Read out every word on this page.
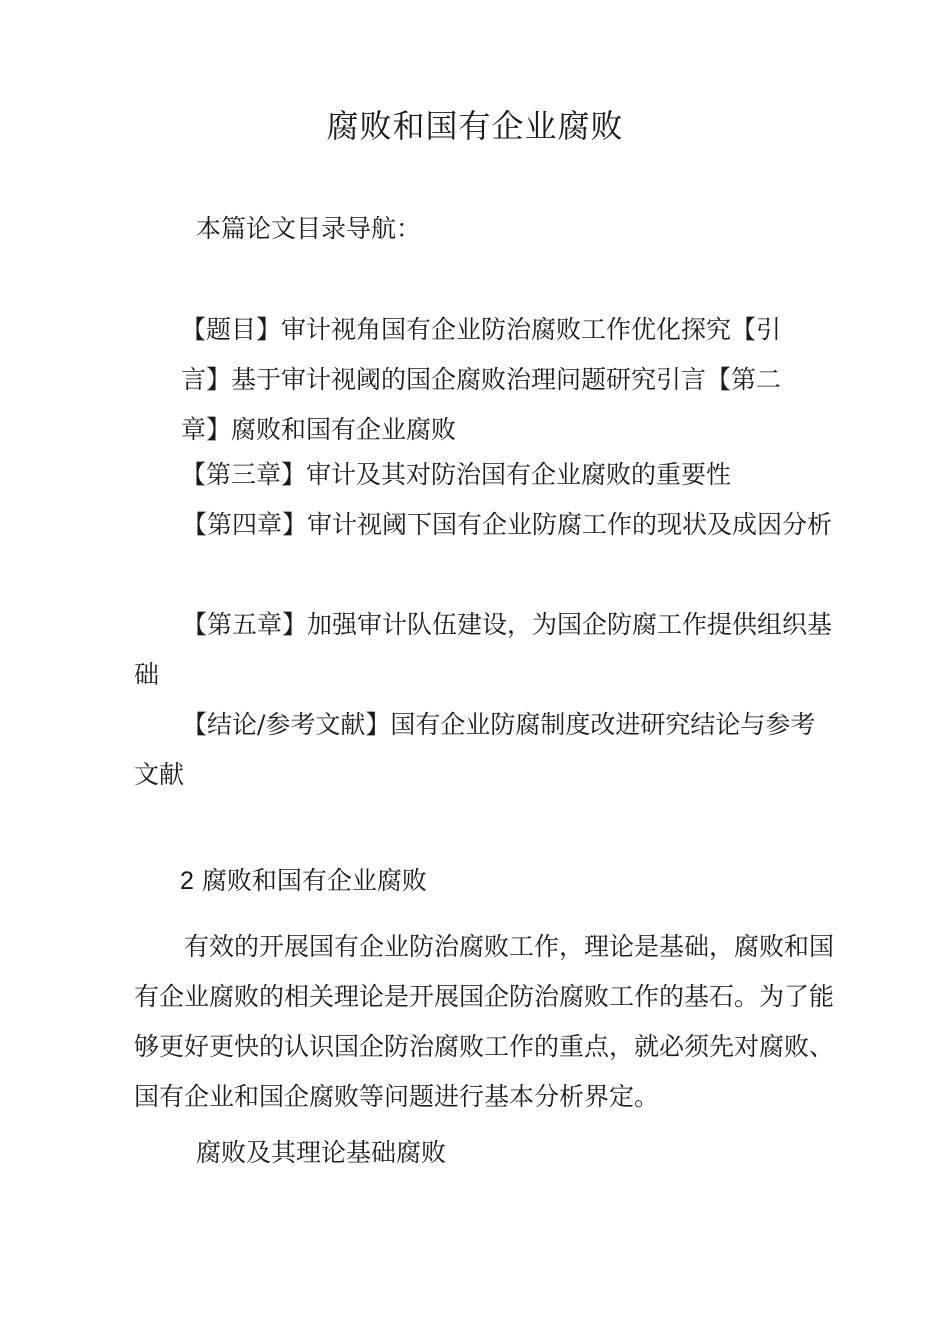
腐败和国有企业腐败
本篇论文目录导航：
【题目】审计视角国有企业防治腐败工作优化探究【引言】基于审计视阈的国企腐败治理问题研究引言【第二章】腐败和国有企业腐败
【第三章】审计及其对防治国有企业腐败的重要性
【第四章】审计视阈下国有企业防腐工作的现状及成因分析
【第五章】加强审计队伍建设，为国企防腐工作提供组织基础
【结论/参考文献】国有企业防腐制度改进研究结论与参考文献
2 腐败和国有企业腐败
有效的开展国有企业防治腐败工作，理论是基础，腐败和国有企业腐败的相关理论是开展国企防治腐败工作的基石。为了能够更好更快的认识国企防治腐败工作的重点，就必须先对腐败、国有企业和国企腐败等问题进行基本分析界定。
腐败及其理论基础腐败
